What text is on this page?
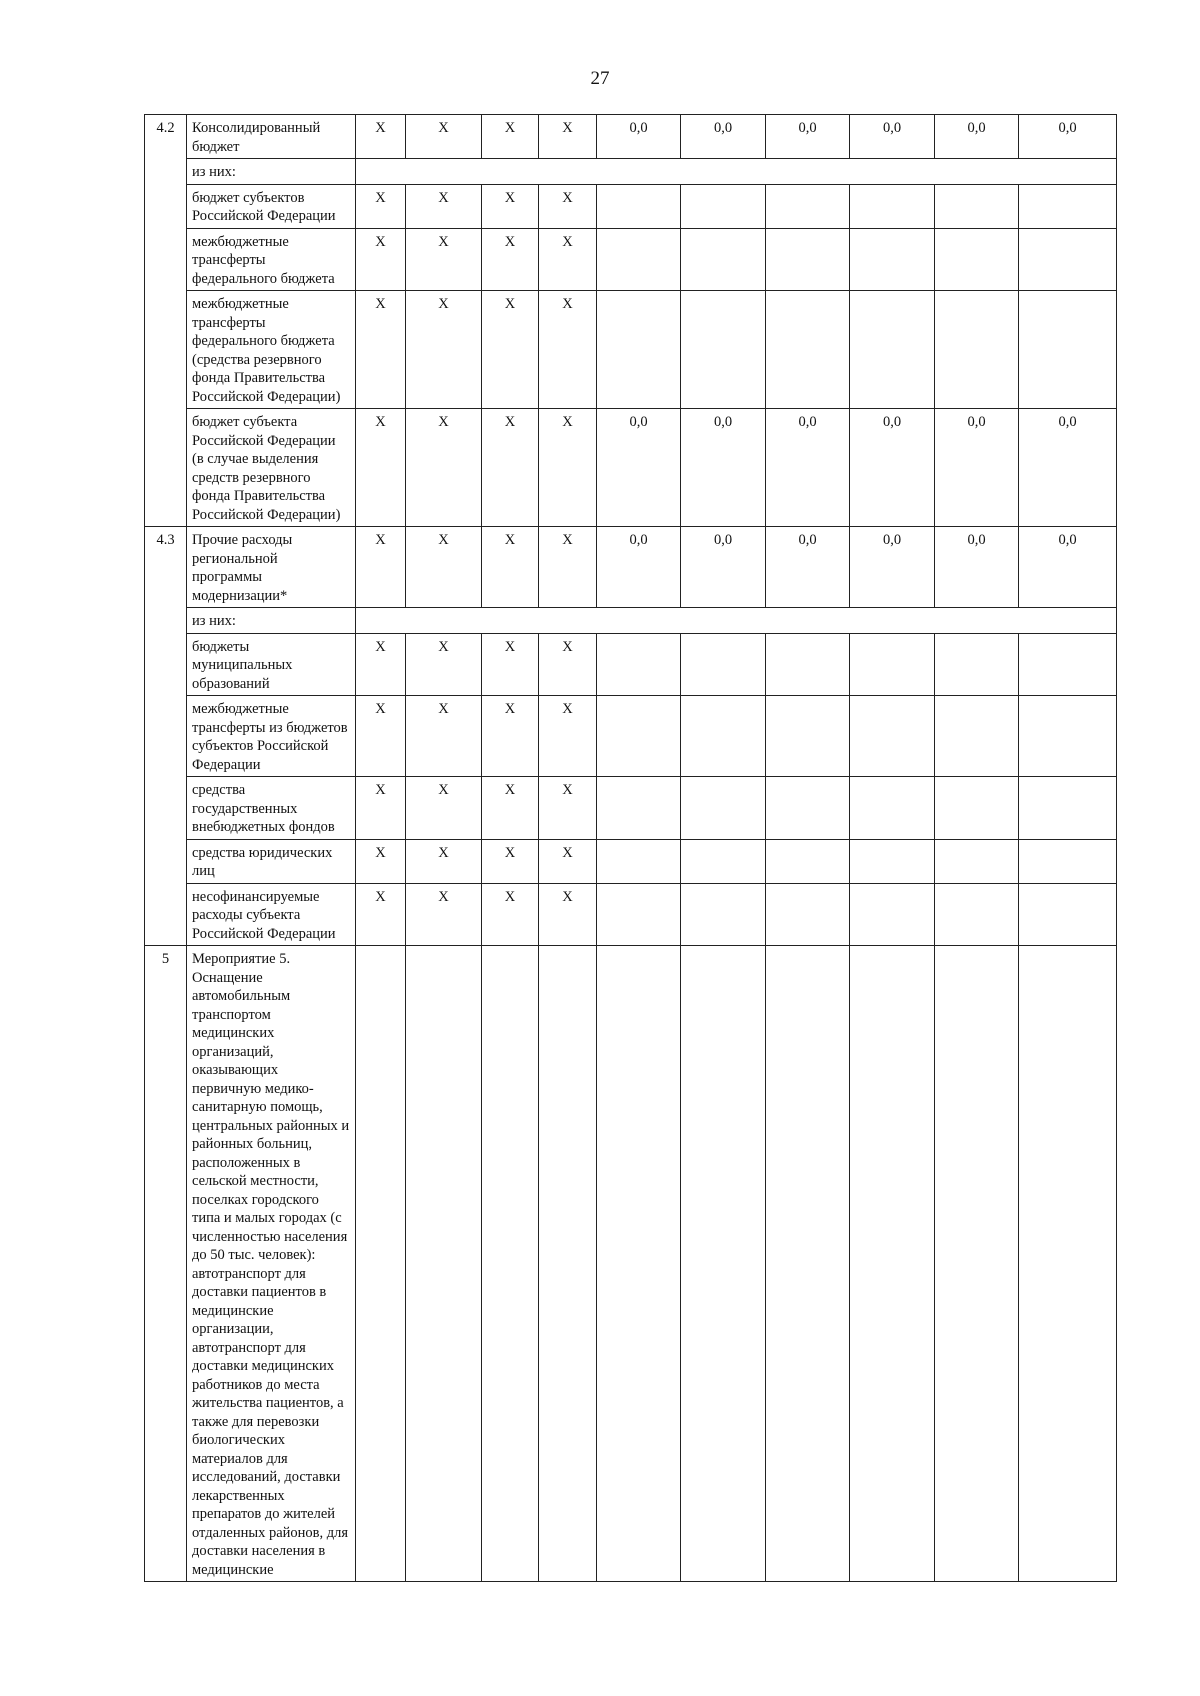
27
4.2	Консолидированный бюджет	X	X	X	X	0,0	0,0	0,0	0,0	0,0	0,0
	из них:										
	бюджет субъектов Российской Федерации	X	X	X	X						
	межбюджетные трансферты федерального бюджета	X	X	X	X						
	межбюджетные трансферты федерального бюджета (средства резервного фонда Правительства Российской Федерации)	X	X	X	X						
	бюджет субъекта Российской Федерации (в случае выделения средств резервного фонда Правительства Российской Федерации)	X	X	X	X	0,0	0,0	0,0	0,0	0,0	0,0
4.3	Прочие расходы региональной программы модернизации*	X	X	X	X	0,0	0,0	0,0	0,0	0,0	0,0
	из них:										
	бюджеты муниципальных образований	X	X	X	X						
	межбюджетные трансферты из бюджетов субъектов Российской Федерации	X	X	X	X						
	средства государственных внебюджетных фондов	X	X	X	X						
	средства юридических лиц	X	X	X	X						
	несофинансируемые расходы субъекта Российской Федерации	X	X	X	X						
5	Мероприятие 5. Оснащение автомобильным транспортом медицинских организаций, оказывающих первичную медико-санитарную помощь, центральных районных и районных больниц, расположенных в сельской местности, поселках городского типа и малых городах (с численностью населения до 50 тыс. человек): автотранспорт для доставки пациентов в медицинские организации, автотранспорт для доставки медицинских работников до места жительства пациентов, а также для перевозки биологических материалов для исследований, доставки лекарственных препаратов до жителей отдаленных районов, для доставки населения в медицинские										
